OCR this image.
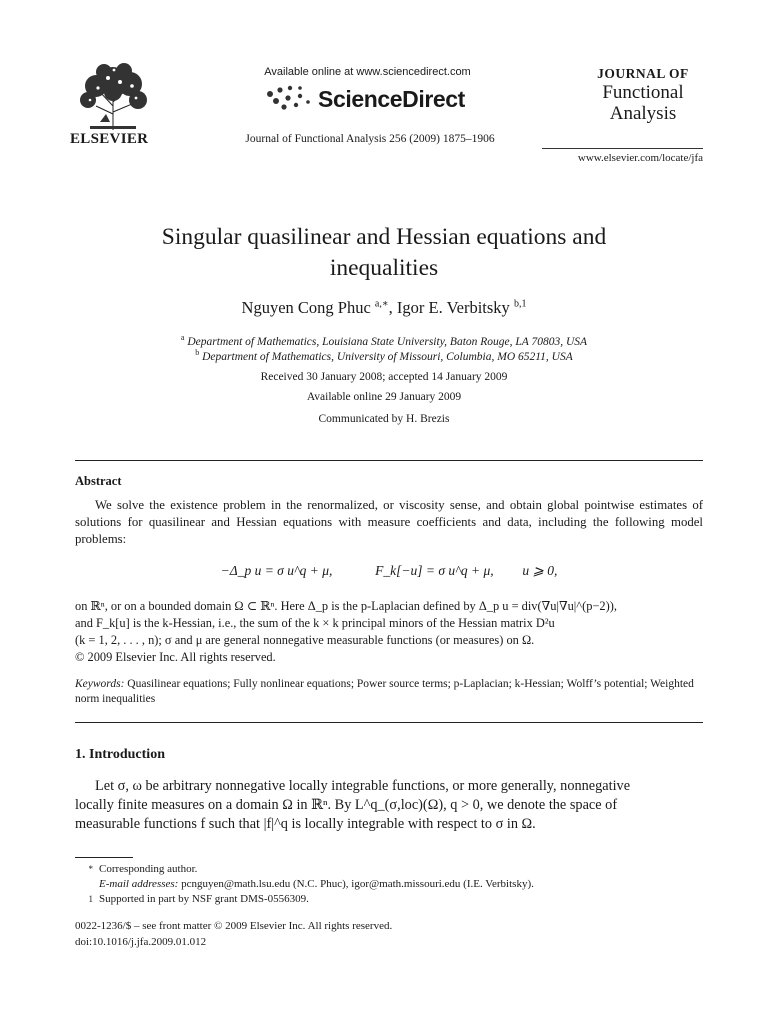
ELSEVIER
Available online at www.sciencedirect.com
ScienceDirect
Journal of Functional Analysis 256 (2009) 1875–1906
JOURNAL OF
Functional
Analysis
www.elsevier.com/locate/jfa
Singular quasilinear and Hessian equations and
inequalities
Nguyen Cong Phuc $^{a,∗}$, Igor E. Verbitsky $^{b,1}$
$^a$ Department of Mathematics, Louisiana State University, Baton Rouge, LA 70803, USA
$^b$ Department of Mathematics, University of Missouri, Columbia, MO 65211, USA
Received 30 January 2008; accepted 14 January 2009
Available online 29 January 2009
Communicated by H. Brezis
Abstract
We solve the existence problem in the renormalized, or viscosity sense, and obtain global pointwise estimates of solutions for quasilinear and Hessian equations with measure coefficients and data, including the following model problems:
−Δ_p u = σ u^q + μ,	F_k[−u] = σ u^q + μ, u ⩾ 0,
on ℝⁿ, or on a bounded domain Ω ⊂ ℝⁿ. Here Δ_p is the p-Laplacian defined by Δ_p u = div(∇u|∇u|^(p−2)),
and F_k[u] is the k-Hessian, i.e., the sum of the k × k principal minors of the Hessian matrix D²u
(k = 1, 2, . . . , n); σ and μ are general nonnegative measurable functions (or measures) on Ω.
© 2009 Elsevier Inc. All rights reserved.
Keywords: Quasilinear equations; Fully nonlinear equations; Power source terms; p-Laplacian; k-Hessian; Wolff’s potential; Weighted norm inequalities
1. Introduction
Let σ, ω be arbitrary nonnegative locally integrable functions, or more generally, nonnegative
locally finite measures on a domain Ω in ℝⁿ. By L^q_(σ,loc)(Ω), q > 0, we denote the space of
measurable functions f such that |f|^q is locally integrable with respect to σ in Ω.
* Corresponding author.
E-mail addresses: pcnguyen@math.lsu.edu (N.C. Phuc), igor@math.missouri.edu (I.E. Verbitsky).
1 Supported in part by NSF grant DMS-0556309.
0022-1236/$ – see front matter © 2009 Elsevier Inc. All rights reserved.
doi:10.1016/j.jfa.2009.01.012
